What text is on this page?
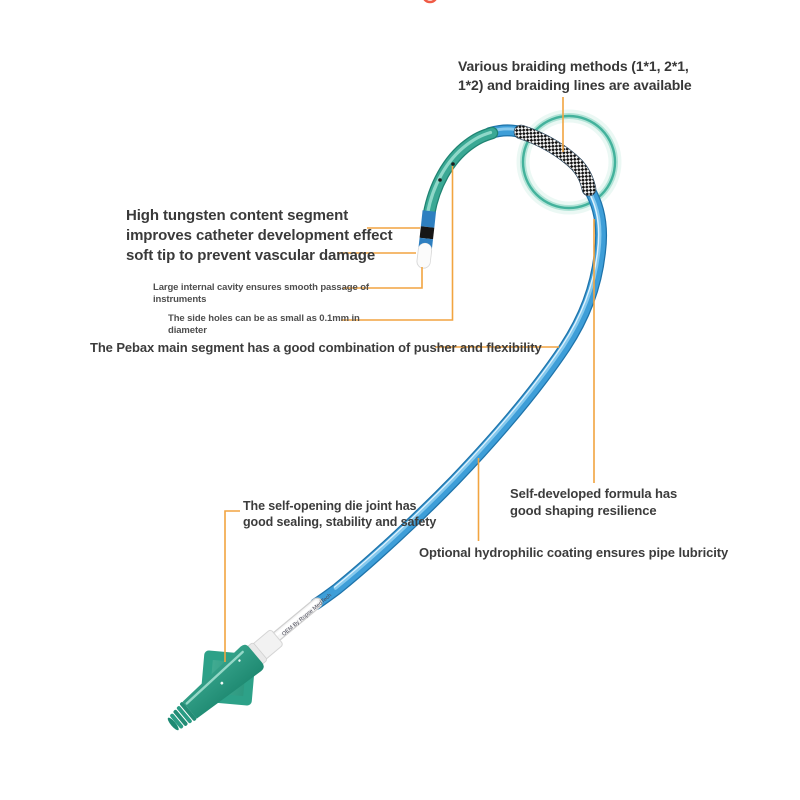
OEM By Ropse MedTech
Various braiding methods (1*1, 2*1,
1*2) and braiding lines are available
High tungsten content segment
improves catheter development effect
soft tip to prevent vascular damage
Large internal cavity ensures smooth passage of
instruments
The side holes can be as small as 0.1mm in
diameter
The Pebax main segment has a good combination of pusher and flexibility
The self-opening die joint has
good sealing, stability and safety
Self-developed formula has
good shaping resilience
Optional hydrophilic coating ensures pipe lubricity
